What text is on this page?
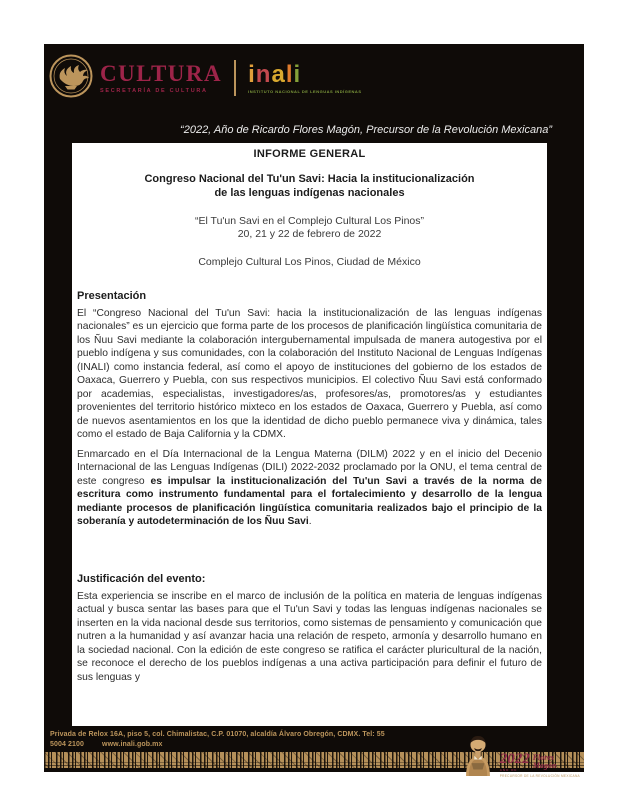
CULTURA
SECRETARÍA DE CULTURA
inali
INSTITUTO NACIONAL DE LENGUAS INDÍGENAS
“2022, Año de Ricardo Flores Magón, Precursor de la Revolución Mexicana”
INFORME GENERAL
Congreso Nacional del Tu'un Savi: Hacia la institucionalización
de las lenguas indígenas nacionales
“El Tu'un Savi en el Complejo Cultural Los Pinos”
20, 21 y 22 de febrero de 2022
Complejo Cultural Los Pinos, Ciudad de México
Presentación

El “Congreso Nacional del Tu'un Savi: hacia la institucionalización de las lenguas indígenas nacionales” es un ejercicio que forma parte de los procesos de planificación lingüística comunitaria de los Ñuu Savi mediante la colaboración intergubernamental impulsada de manera autogestiva por el pueblo indígena y sus comunidades, con la colaboración del Instituto Nacional de Lenguas Indígenas (INALI) como instancia federal, así como el apoyo de instituciones del gobierno de los estados de Oaxaca, Guerrero y Puebla, con sus respectivos municipios. El colectivo Ñuu Savi está conformado por academias, especialistas, investigadores/as, profesores/as, promotores/as y estudiantes provenientes del territorio histórico mixteco en los estados de Oaxaca, Guerrero y Puebla, así como de nuevos asentamientos en los que la identidad de dicho pueblo permanece viva y dinámica, tales como el estado de Baja California y la CDMX.

Enmarcado en el Día Internacional de la Lengua Materna (DILM) 2022 y en el inicio del Decenio Internacional de las Lenguas Indígenas (DILI) 2022-2032 proclamado por la ONU, el tema central de este congreso es impulsar la institucionalización del Tu'un Savi a través de la norma de escritura como instrumento fundamental para el fortalecimiento y desarrollo de la lengua mediante procesos de planificación lingüística comunitaria realizados bajo el principio de la soberanía y autodeterminación de los Ñuu Savi.

Justificación del evento:

Esta experiencia se inscribe en el marco de inclusión de la política en materia de lenguas indígenas actual y busca sentar las bases para que el Tu'un Savi y todas las lenguas indígenas nacionales se inserten en la vida nacional desde sus territorios, como sistemas de pensamiento y comunicación que nutren a la humanidad y así avanzar hacia una relación de respeto, armonía y desarrollo humano en la sociedad nacional. Con la edición de este congreso se ratifica el carácter pluricultural de la nación, se reconoce el derecho de los pueblos indígenas a una activa participación para definir el futuro de sus lenguas y

Privada de Relox 16A, piso 5, col. Chimalistac, C.P. 01070, alcaldía Álvaro Obregón, CDMX. Tel: 55
5004 2100	www.inali.gob.mx
2022
AÑO DE
Flores
Magón
PRECURSOR DE LA REVOLUCIÓN MEXICANA
